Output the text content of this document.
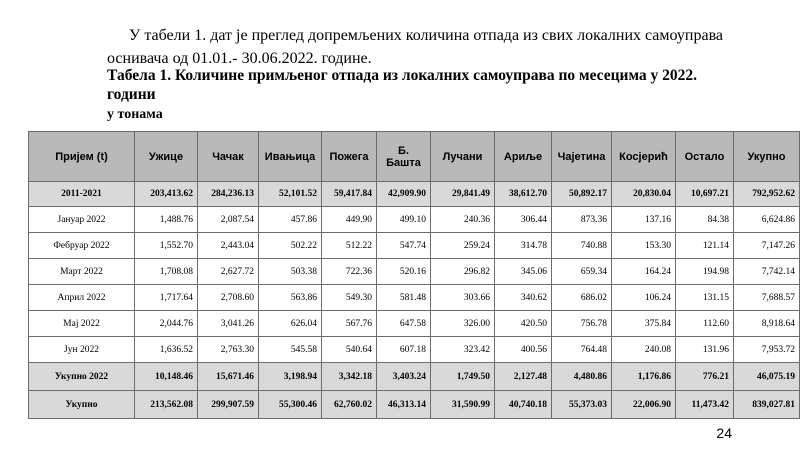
У табели 1. дат је преглед допремљених количина отпада из свих локалних самоуправа оснивача од 01.01.- 30.06.2022. године.

Табела 1. Количине примљеног отпада из локалних самоуправа по месецима у 2022. години
у тонама
Пријем (t)	Ужице	Чачак	Ивањица	Пожега	Б. Башта	Лучани	Ариље	Чајетина	Косјерић	Остало	Укупно
2011-2021	203,413.62	284,236.13	52,101.52	59,417.84	42,909.90	29,841.49	38,612.70	50,892.17	20,830.04	10,697.21	792,952.62
Јануар 2022	1,488.76	2,087.54	457.86	449.90	499.10	240.36	306.44	873.36	137.16	84.38	6,624.86
Фебруар 2022	1,552.70	2,443.04	502.22	512.22	547.74	259.24	314.78	740.88	153.30	121.14	7,147.26
Март 2022	1,708.08	2,627.72	503.38	722.36	520.16	296.82	345.06	659.34	164.24	194.98	7,742.14
Април 2022	1,717.64	2,708.60	563.86	549.30	581.48	303.66	340.62	686.02	106.24	131.15	7,688.57
Мај 2022	2,044.76	3,041.26	626.04	567.76	647.58	326.00	420.50	756.78	375.84	112.60	8,918.64
Јун 2022	1,636.52	2,763.30	545.58	540.64	607.18	323.42	400.56	764.48	240.08	131.96	7,953.72
Укупно 2022	10,148.46	15,671.46	3,198.94	3,342.18	3,403.24	1,749.50	2,127.48	4,480.86	1,176.86	776.21	46,075.19
Укупно	213,562.08	299,907.59	55,300.46	62,760.02	46,313.14	31,590.99	40,740.18	55,373.03	22,006.90	11,473.42	839,027.81
24
